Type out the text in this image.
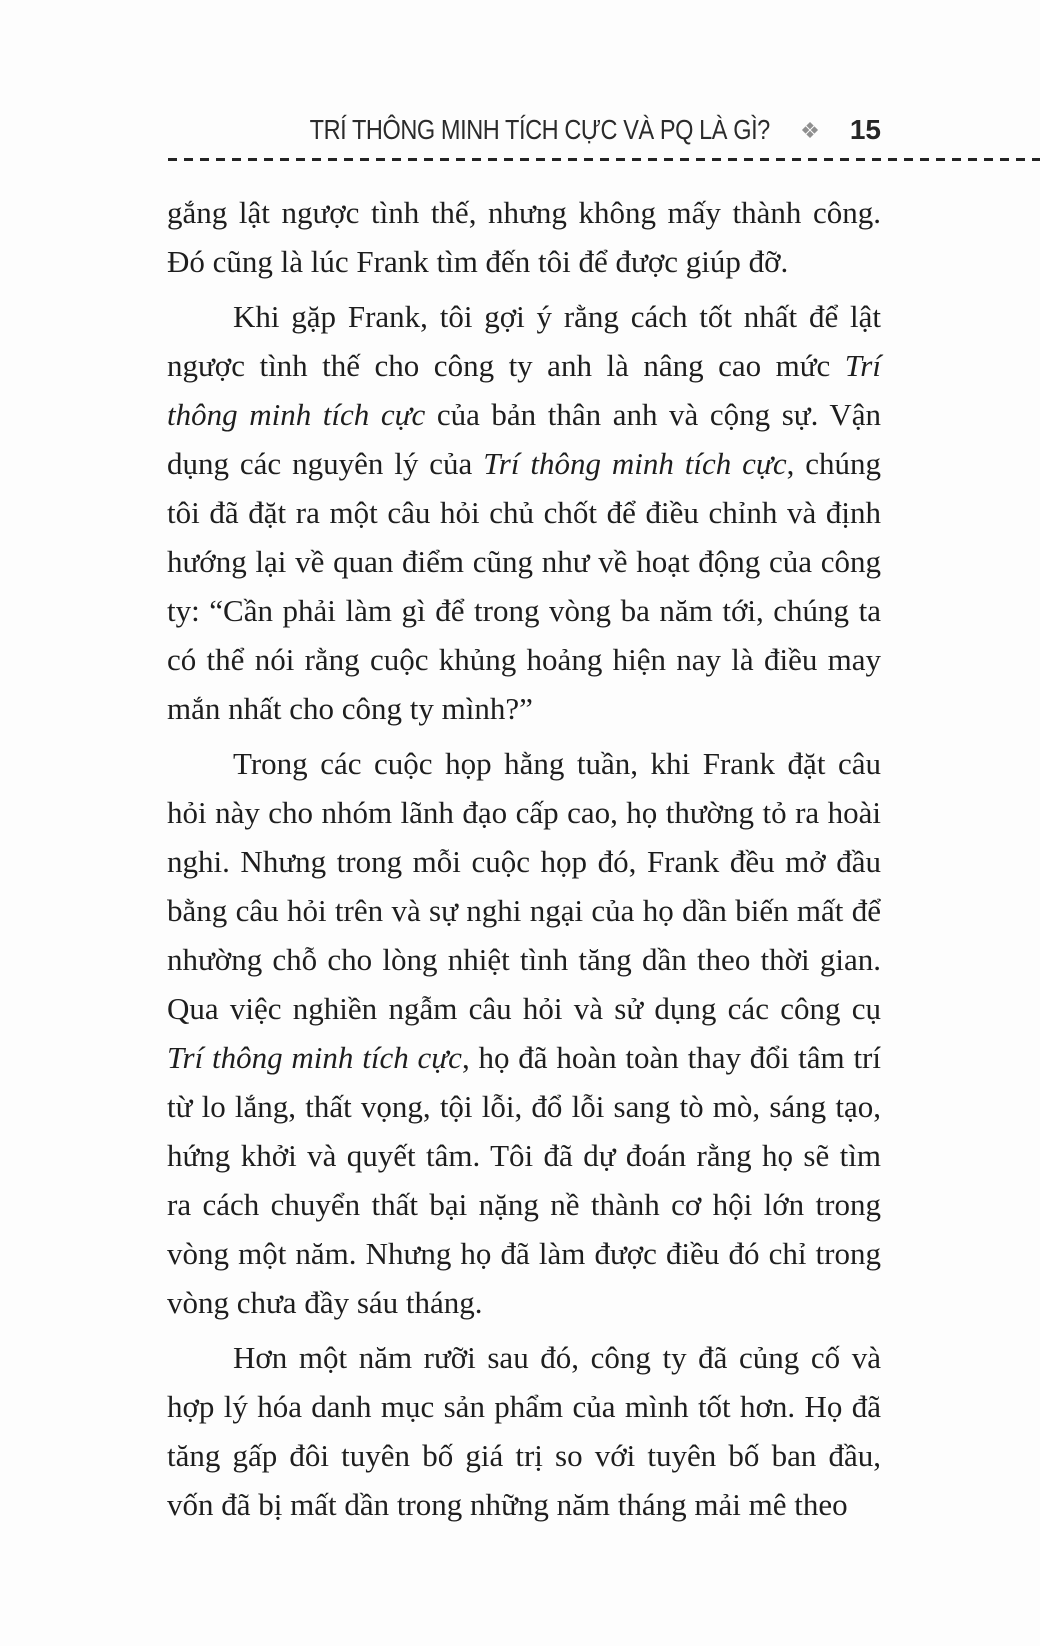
TRÍ THÔNG MINH TÍCH CỰC VÀ PQ LÀ GÌ? ❖ 15

gắng lật ngược tình thế, nhưng không mấy thành công. Đó cũng là lúc Frank tìm đến tôi để được giúp đỡ.

Khi gặp Frank, tôi gợi ý rằng cách tốt nhất để lật ngược tình thế cho công ty anh là nâng cao mức Trí thông minh tích cực của bản thân anh và cộng sự. Vận dụng các nguyên lý của Trí thông minh tích cực, chúng tôi đã đặt ra một câu hỏi chủ chốt để điều chỉnh và định hướng lại về quan điểm cũng như về hoạt động của công ty: “Cần phải làm gì để trong vòng ba năm tới, chúng ta có thể nói rằng cuộc khủng hoảng hiện nay là điều may mắn nhất cho công ty mình?”

Trong các cuộc họp hằng tuần, khi Frank đặt câu hỏi này cho nhóm lãnh đạo cấp cao, họ thường tỏ ra hoài nghi. Nhưng trong mỗi cuộc họp đó, Frank đều mở đầu bằng câu hỏi trên và sự nghi ngại của họ dần biến mất để nhường chỗ cho lòng nhiệt tình tăng dần theo thời gian. Qua việc nghiền ngẫm câu hỏi và sử dụng các công cụ Trí thông minh tích cực, họ đã hoàn toàn thay đổi tâm trí từ lo lắng, thất vọng, tội lỗi, đổ lỗi sang tò mò, sáng tạo, hứng khởi và quyết tâm. Tôi đã dự đoán rằng họ sẽ tìm ra cách chuyển thất bại nặng nề thành cơ hội lớn trong vòng một năm. Nhưng họ đã làm được điều đó chỉ trong vòng chưa đầy sáu tháng.

Hơn một năm rưỡi sau đó, công ty đã củng cố và hợp lý hóa danh mục sản phẩm của mình tốt hơn. Họ đã tăng gấp đôi tuyên bố giá trị so với tuyên bố ban đầu, vốn đã bị mất dần trong những năm tháng mải mê theo
